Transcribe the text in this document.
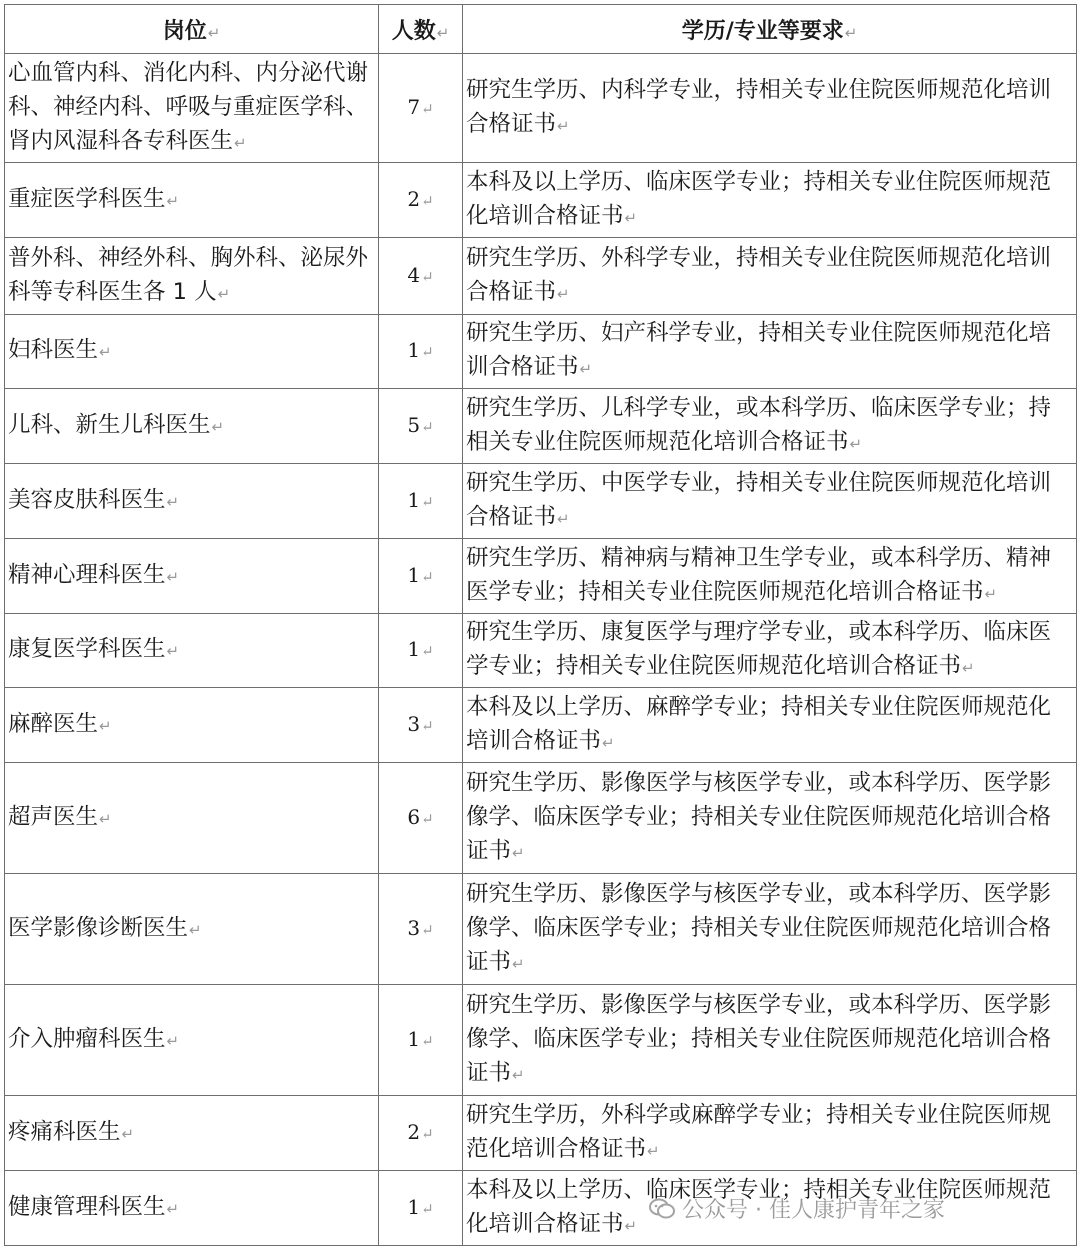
岗位↵	人数↵	学历/专业等要求↵
心血管内科、消化内科、内分泌代谢科、神经内科、呼吸与重症医学科、肾内风湿科各专科医生↵	7↵	研究生学历、内科学专业，持相关专业住院医师规范化培训合格证书↵
重症医学科医生↵	2↵	本科及以上学历、临床医学专业；持相关专业住院医师规范化培训合格证书↵
普外科、神经外科、胸外科、泌尿外科等专科医生各 1 人↵	4↵	研究生学历、外科学专业，持相关专业住院医师规范化培训合格证书↵
妇科医生↵	1↵	研究生学历、妇产科学专业，持相关专业住院医师规范化培训合格证书↵
儿科、新生儿科医生↵	5↵	研究生学历、儿科学专业，或本科学历、临床医学专业；持相关专业住院医师规范化培训合格证书↵
美容皮肤科医生↵	1↵	研究生学历、中医学专业，持相关专业住院医师规范化培训合格证书↵
精神心理科医生↵	1↵	研究生学历、精神病与精神卫生学专业，或本科学历、精神医学专业；持相关专业住院医师规范化培训合格证书↵
康复医学科医生↵	1↵	研究生学历、康复医学与理疗学专业，或本科学历、临床医学专业；持相关专业住院医师规范化培训合格证书↵
麻醉医生↵	3↵	本科及以上学历、麻醉学专业；持相关专业住院医师规范化培训合格证书↵
超声医生↵	6↵	研究生学历、影像医学与核医学专业，或本科学历、医学影像学、临床医学专业；持相关专业住院医师规范化培训合格证书↵
医学影像诊断医生↵	3↵	研究生学历、影像医学与核医学专业，或本科学历、医学影像学、临床医学专业；持相关专业住院医师规范化培训合格证书↵
介入肿瘤科医生↵	1↵	研究生学历、影像医学与核医学专业，或本科学历、医学影像学、临床医学专业；持相关专业住院医师规范化培训合格证书↵
疼痛科医生↵	2↵	研究生学历，外科学或麻醉学专业；持相关专业住院医师规范化培训合格证书↵
健康管理科医生↵	1↵	本科及以上学历、临床医学专业；持相关专业住院医师规范化培训合格证书↵
公众号 · 佳人康护青年之家
